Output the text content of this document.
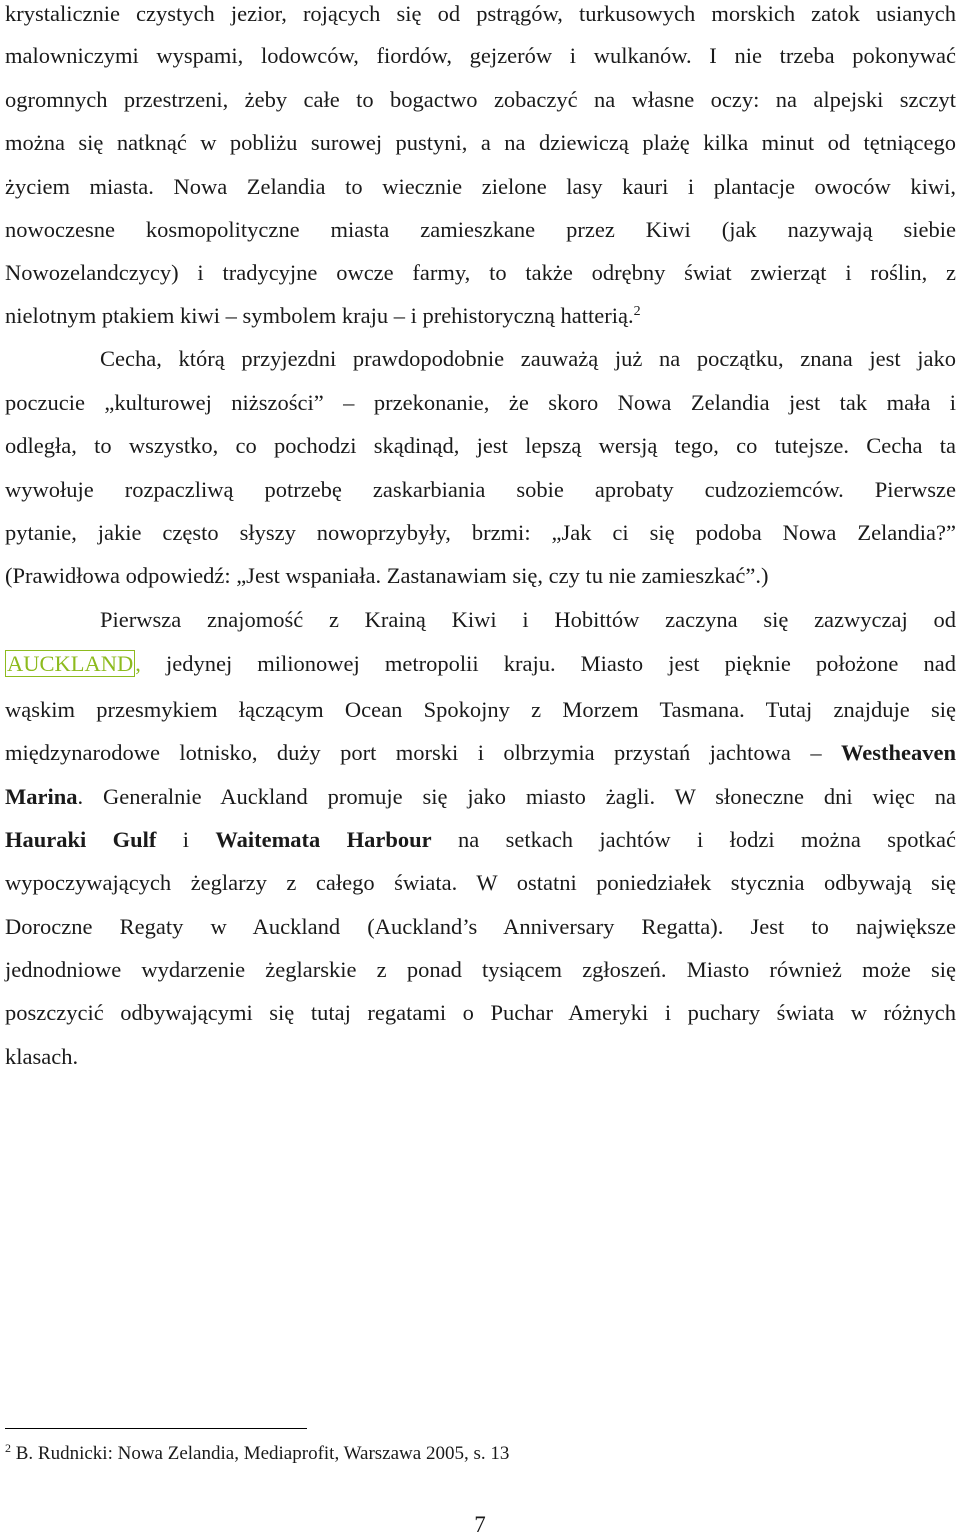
krystalicznie czystych jezior, rojących się od pstrągów, turkusowych morskich zatok usianych
malowniczymi wyspami, lodowców, fiordów, gejzerów i wulkanów. I nie trzeba pokonywać
ogromnych przestrzeni, żeby całe to bogactwo zobaczyć na własne oczy: na alpejski szczyt
można się natknąć w pobliżu surowej pustyni, a na dziewiczą plażę kilka minut od tętniącego
życiem miasta. Nowa Zelandia to wiecznie zielone lasy kauri i plantacje owoców kiwi,
nowoczesne kosmopolityczne miasta zamieszkane przez Kiwi (jak nazywają siebie
Nowozelandczycy) i tradycyjne owcze farmy, to także odrębny świat zwierząt i roślin, z
nielotnym ptakiem kiwi – symbolem kraju – i prehistoryczną hatterią.$^2$
Cecha, którą przyjezdni prawdopodobnie zauważą już na początku, znana jest jako
poczucie „kulturowej niższości” – przekonanie, że skoro Nowa Zelandia jest tak mała i
odległa, to wszystko, co pochodzi skądinąd, jest lepszą wersją tego, co tutejsze. Cecha ta
wywołuje rozpaczliwą potrzebę zaskarbiania sobie aprobaty cudzoziemców. Pierwsze
pytanie, jakie często słyszy nowoprzybyły, brzmi: „Jak ci się podoba Nowa Zelandia?”
(Prawidłowa odpowiedź: „Jest wspaniała. Zastanawiam się, czy tu nie zamieszkać”.)
Pierwsza znajomość z Krainą Kiwi i Hobittów zaczyna się zazwyczaj od
AUCKLAND, jedynej milionowej metropolii kraju. Miasto jest pięknie położone nad
wąskim przesmykiem łączącym Ocean Spokojny z Morzem Tasmana. Tutaj znajduje się
międzynarodowe lotnisko, duży port morski i olbrzymia przystań jachtowa – Westheaven
Marina. Generalnie Auckland promuje się jako miasto żagli. W słoneczne dni więc na
Hauraki Gulf i Waitemata Harbour na setkach jachtów i łodzi można spotkać
wypoczywających żeglarzy z całego świata. W ostatni poniedziałek stycznia odbywają się
Doroczne Regaty w Auckland (Auckland’s Anniversary Regatta). Jest to największe
jednodniowe wydarzenie żeglarskie z ponad tysiącem zgłoszeń. Miasto również może się
poszczycić odbywającymi się tutaj regatami o Puchar Ameryki i puchary świata w różnych
klasach.
$^2$ B. Rudnicki: Nowa Zelandia, Mediaprofit, Warszawa 2005, s. 13
7
